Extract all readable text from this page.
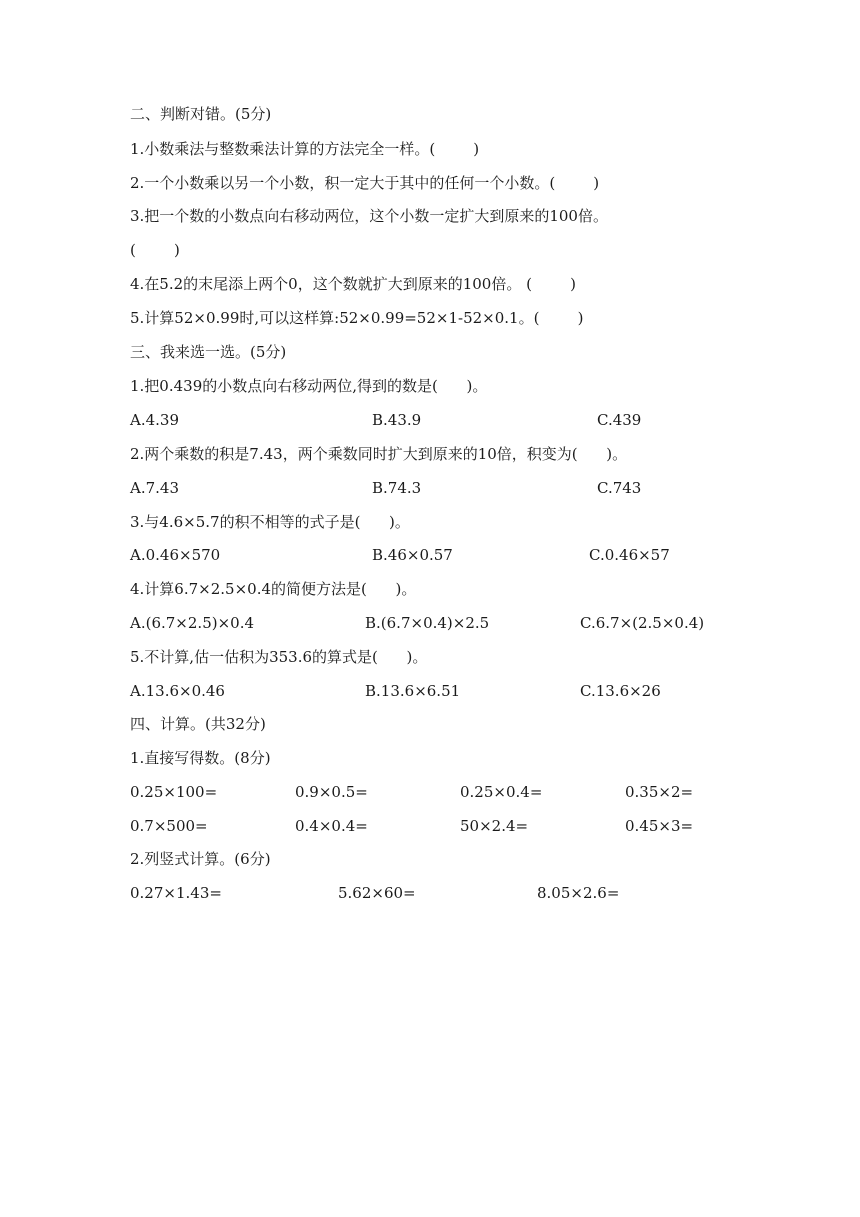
二、判断对错。(5分)
1.小数乘法与整数乘法计算的方法完全一样。(        )
2.一个小数乘以另一个小数，积一定大于其中的任何一个小数。(        )
3.把一个数的小数点向右移动两位，这个小数一定扩大到原来的100倍。
(        )
4.在5.2的末尾添上两个0，这个数就扩大到原来的100倍。 (        )
5.计算52×0.99时,可以这样算:52×0.99=52×1-52×0.1。(        )
三、我来选一选。(5分)
1.把0.439的小数点向右移动两位,得到的数是(      )。
A.4.39	B.43.9	C.439
2.两个乘数的积是7.43，两个乘数同时扩大到原来的10倍，积变为(      )。
A.7.43	B.74.3	C.743
3.与4.6×5.7的积不相等的式子是(      )。
A.0.46×570	B.46×0.57	C.0.46×57
4.计算6.7×2.5×0.4的简便方法是(      )。
A.(6.7×2.5)×0.4	B.(6.7×0.4)×2.5	C.6.7×(2.5×0.4)
5.不计算,估一估积为353.6的算式是(      )。
A.13.6×0.46	B.13.6×6.51	C.13.6×26
四、计算。(共32分)
1.直接写得数。(8分)
0.25×100=	0.9×0.5=	0.25×0.4=	0.35×2=
0.7×500=	0.4×0.4=	50×2.4=	0.45×3=
2.列竖式计算。(6分)
0.27×1.43=	5.62×60=	8.05×2.6=
